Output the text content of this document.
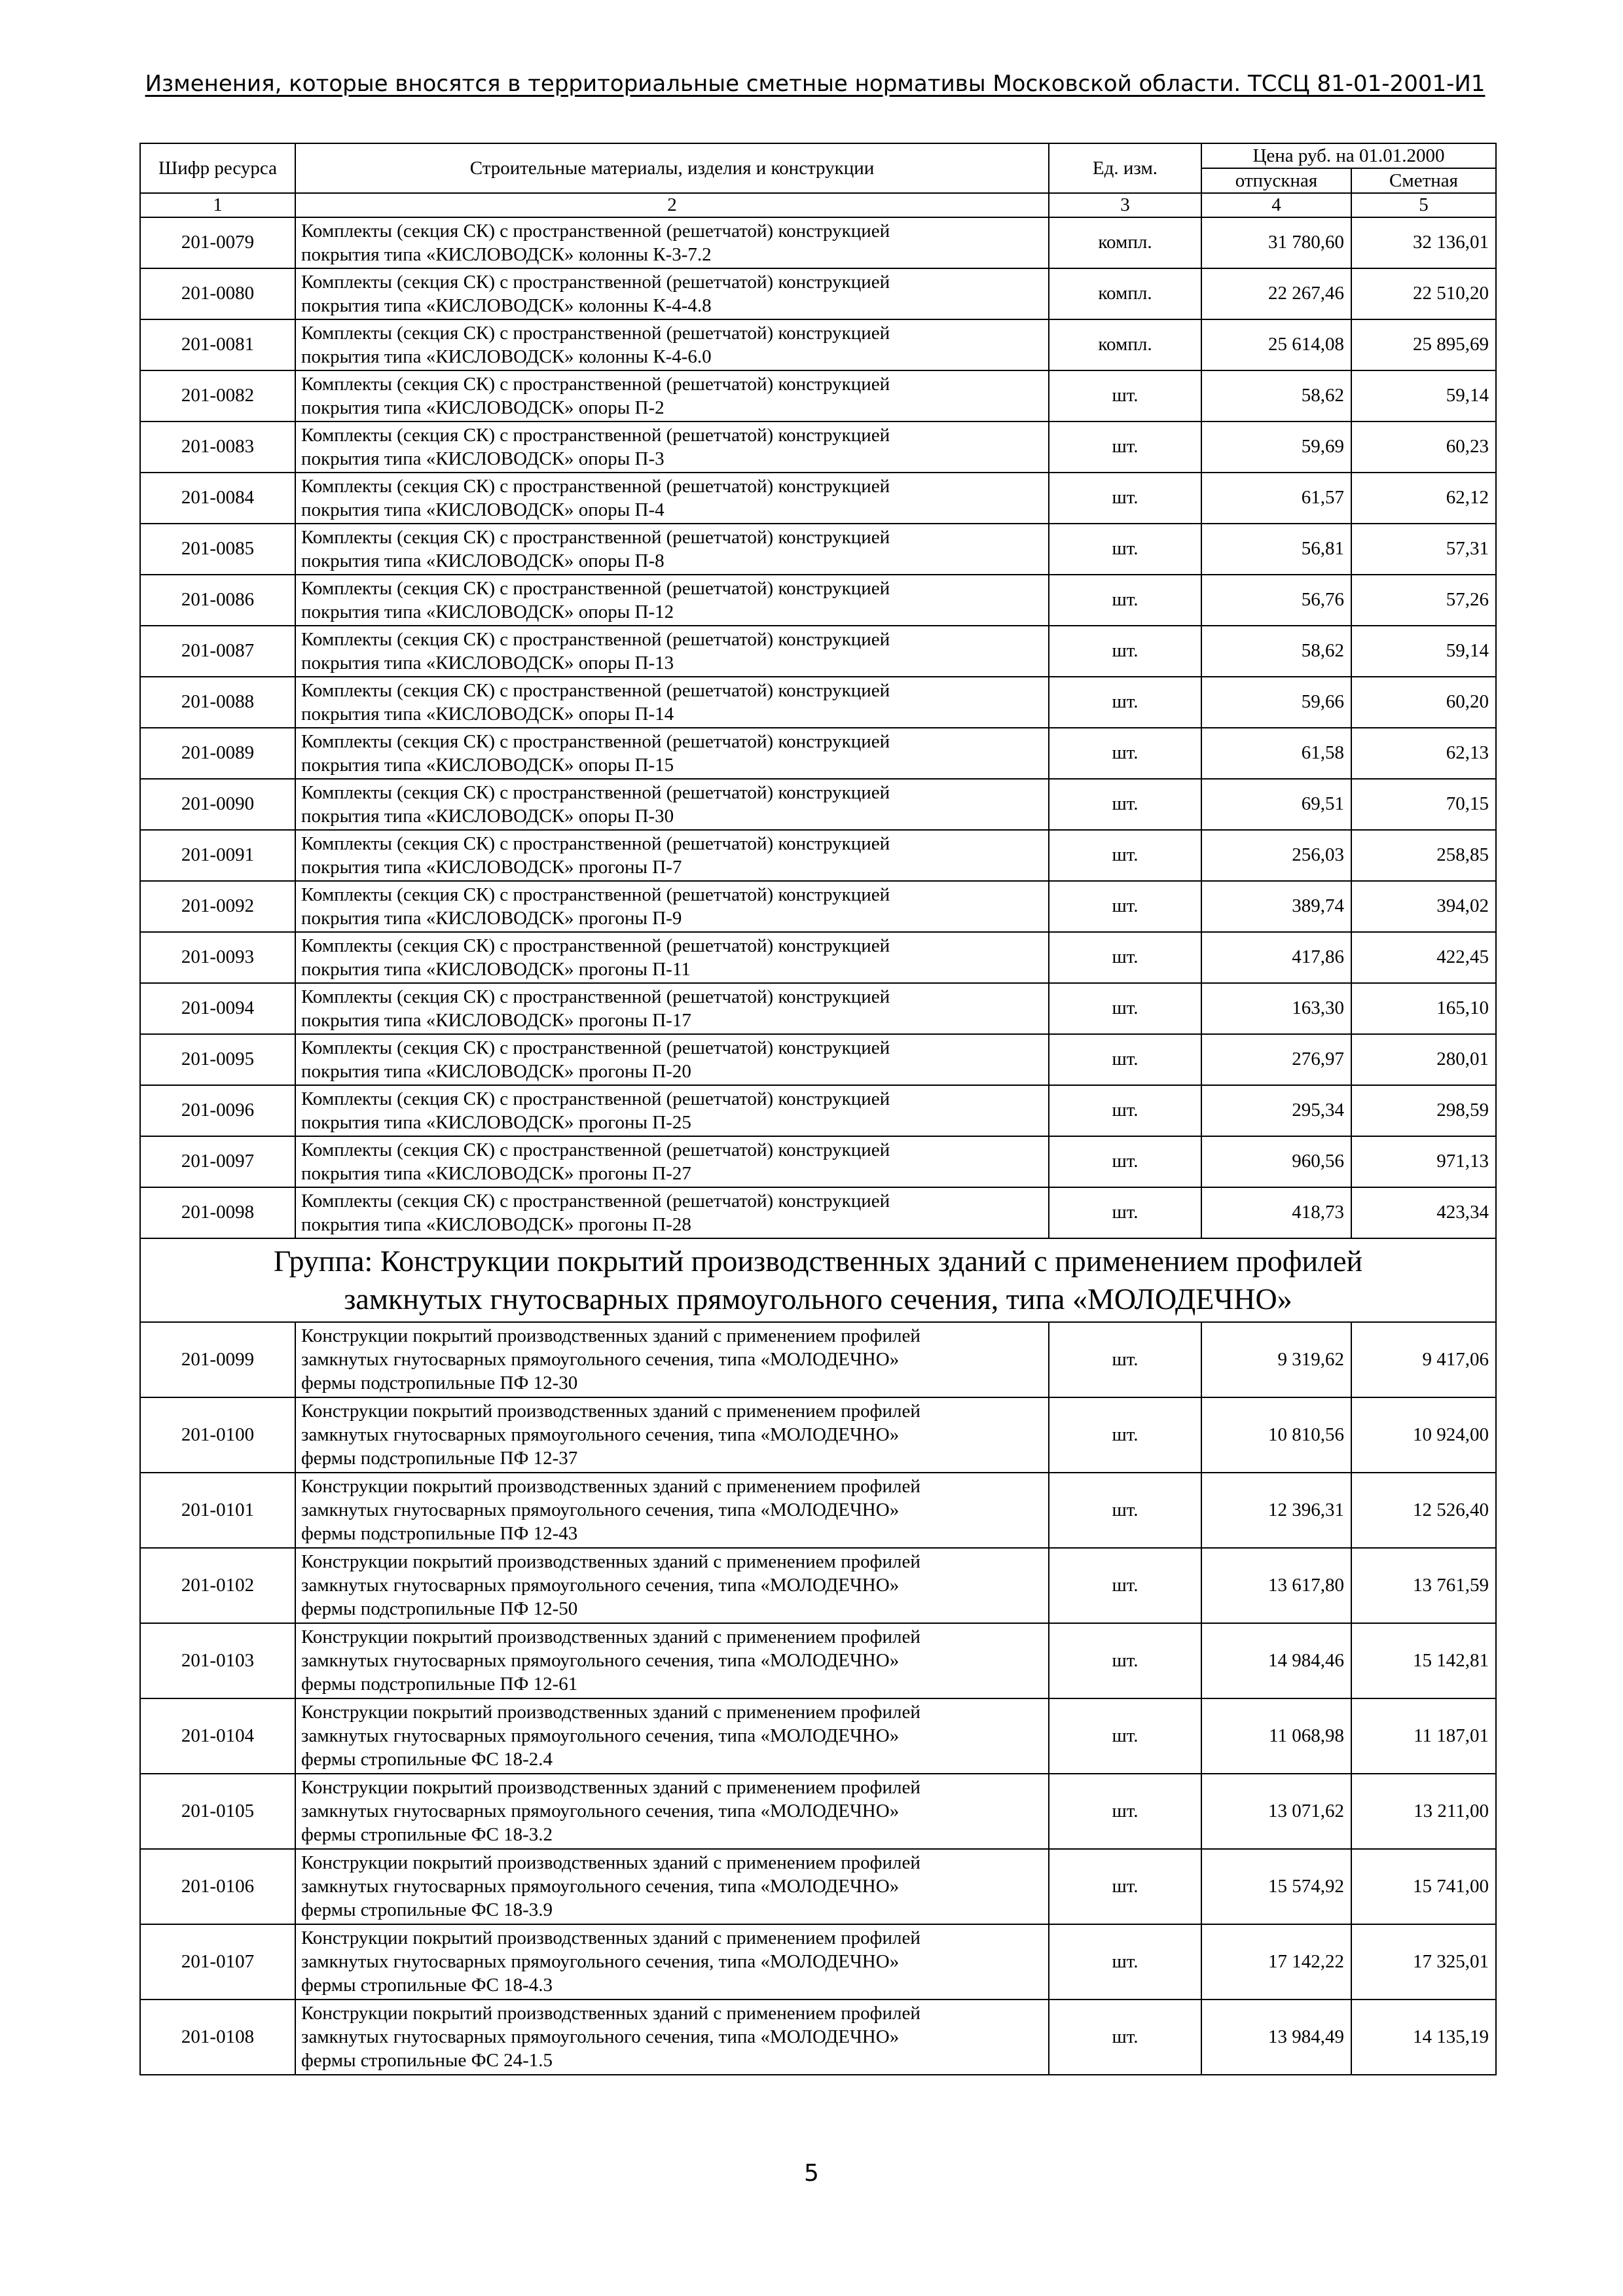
Изменения, которые вносятся в территориальные сметные нормативы Московской области. ТССЦ 81-01-2001-И1
Шифр ресурса	Строительные материалы, изделия и конструкции	Ед. изм.	Цена руб. на 01.01.2000	
			отпускная	Сметная
1	2	3	4	5
201-0079	Комплекты (секция СК) с пространственной (решетчатой) конструкцией
покрытия типа «КИСЛОВОДСК» колонны К-3-7.2	компл.	31 780,60	32 136,01
201-0080	Комплекты (секция СК) с пространственной (решетчатой) конструкцией
покрытия типа «КИСЛОВОДСК» колонны К-4-4.8	компл.	22 267,46	22 510,20
201-0081	Комплекты (секция СК) с пространственной (решетчатой) конструкцией
покрытия типа «КИСЛОВОДСК» колонны К-4-6.0	компл.	25 614,08	25 895,69
201-0082	Комплекты (секция СК) с пространственной (решетчатой) конструкцией
покрытия типа «КИСЛОВОДСК» опоры П-2	шт.	58,62	59,14
201-0083	Комплекты (секция СК) с пространственной (решетчатой) конструкцией
покрытия типа «КИСЛОВОДСК» опоры П-3	шт.	59,69	60,23
201-0084	Комплекты (секция СК) с пространственной (решетчатой) конструкцией
покрытия типа «КИСЛОВОДСК» опоры П-4	шт.	61,57	62,12
201-0085	Комплекты (секция СК) с пространственной (решетчатой) конструкцией
покрытия типа «КИСЛОВОДСК» опоры П-8	шт.	56,81	57,31
201-0086	Комплекты (секция СК) с пространственной (решетчатой) конструкцией
покрытия типа «КИСЛОВОДСК» опоры П-12	шт.	56,76	57,26
201-0087	Комплекты (секция СК) с пространственной (решетчатой) конструкцией
покрытия типа «КИСЛОВОДСК» опоры П-13	шт.	58,62	59,14
201-0088	Комплекты (секция СК) с пространственной (решетчатой) конструкцией
покрытия типа «КИСЛОВОДСК» опоры П-14	шт.	59,66	60,20
201-0089	Комплекты (секция СК) с пространственной (решетчатой) конструкцией
покрытия типа «КИСЛОВОДСК» опоры П-15	шт.	61,58	62,13
201-0090	Комплекты (секция СК) с пространственной (решетчатой) конструкцией
покрытия типа «КИСЛОВОДСК» опоры П-30	шт.	69,51	70,15
201-0091	Комплекты (секция СК) с пространственной (решетчатой) конструкцией
покрытия типа «КИСЛОВОДСК» прогоны П-7	шт.	256,03	258,85
201-0092	Комплекты (секция СК) с пространственной (решетчатой) конструкцией
покрытия типа «КИСЛОВОДСК» прогоны П-9	шт.	389,74	394,02
201-0093	Комплекты (секция СК) с пространственной (решетчатой) конструкцией
покрытия типа «КИСЛОВОДСК» прогоны П-11	шт.	417,86	422,45
201-0094	Комплекты (секция СК) с пространственной (решетчатой) конструкцией
покрытия типа «КИСЛОВОДСК» прогоны П-17	шт.	163,30	165,10
201-0095	Комплекты (секция СК) с пространственной (решетчатой) конструкцией
покрытия типа «КИСЛОВОДСК» прогоны П-20	шт.	276,97	280,01
201-0096	Комплекты (секция СК) с пространственной (решетчатой) конструкцией
покрытия типа «КИСЛОВОДСК» прогоны П-25	шт.	295,34	298,59
201-0097	Комплекты (секция СК) с пространственной (решетчатой) конструкцией
покрытия типа «КИСЛОВОДСК» прогоны П-27	шт.	960,56	971,13
201-0098	Комплекты (секция СК) с пространственной (решетчатой) конструкцией
покрытия типа «КИСЛОВОДСК» прогоны П-28	шт.	418,73	423,34
Группа: Конструкции покрытий производственных зданий с применением профилей
замкнутых гнутосварных прямоугольного сечения, типа «МОЛОДЕЧНО»				
201-0099	Конструкции покрытий производственных зданий с применением профилей
замкнутых гнутосварных прямоугольного сечения, типа «МОЛОДЕЧНО»
фермы подстропильные ПФ 12-30	шт.	9 319,62	9 417,06
201-0100	Конструкции покрытий производственных зданий с применением профилей
замкнутых гнутосварных прямоугольного сечения, типа «МОЛОДЕЧНО»
фермы подстропильные ПФ 12-37	шт.	10 810,56	10 924,00
201-0101	Конструкции покрытий производственных зданий с применением профилей
замкнутых гнутосварных прямоугольного сечения, типа «МОЛОДЕЧНО»
фермы подстропильные ПФ 12-43	шт.	12 396,31	12 526,40
201-0102	Конструкции покрытий производственных зданий с применением профилей
замкнутых гнутосварных прямоугольного сечения, типа «МОЛОДЕЧНО»
фермы подстропильные ПФ 12-50	шт.	13 617,80	13 761,59
201-0103	Конструкции покрытий производственных зданий с применением профилей
замкнутых гнутосварных прямоугольного сечения, типа «МОЛОДЕЧНО»
фермы подстропильные ПФ 12-61	шт.	14 984,46	15 142,81
201-0104	Конструкции покрытий производственных зданий с применением профилей
замкнутых гнутосварных прямоугольного сечения, типа «МОЛОДЕЧНО»
фермы стропильные ФС 18-2.4	шт.	11 068,98	11 187,01
201-0105	Конструкции покрытий производственных зданий с применением профилей
замкнутых гнутосварных прямоугольного сечения, типа «МОЛОДЕЧНО»
фермы стропильные ФС 18-3.2	шт.	13 071,62	13 211,00
201-0106	Конструкции покрытий производственных зданий с применением профилей
замкнутых гнутосварных прямоугольного сечения, типа «МОЛОДЕЧНО»
фермы стропильные ФС 18-3.9	шт.	15 574,92	15 741,00
201-0107	Конструкции покрытий производственных зданий с применением профилей
замкнутых гнутосварных прямоугольного сечения, типа «МОЛОДЕЧНО»
фермы стропильные ФС 18-4.3	шт.	17 142,22	17 325,01
201-0108	Конструкции покрытий производственных зданий с применением профилей
замкнутых гнутосварных прямоугольного сечения, типа «МОЛОДЕЧНО»
фермы стропильные ФС 24-1.5	шт.	13 984,49	14 135,19
5
